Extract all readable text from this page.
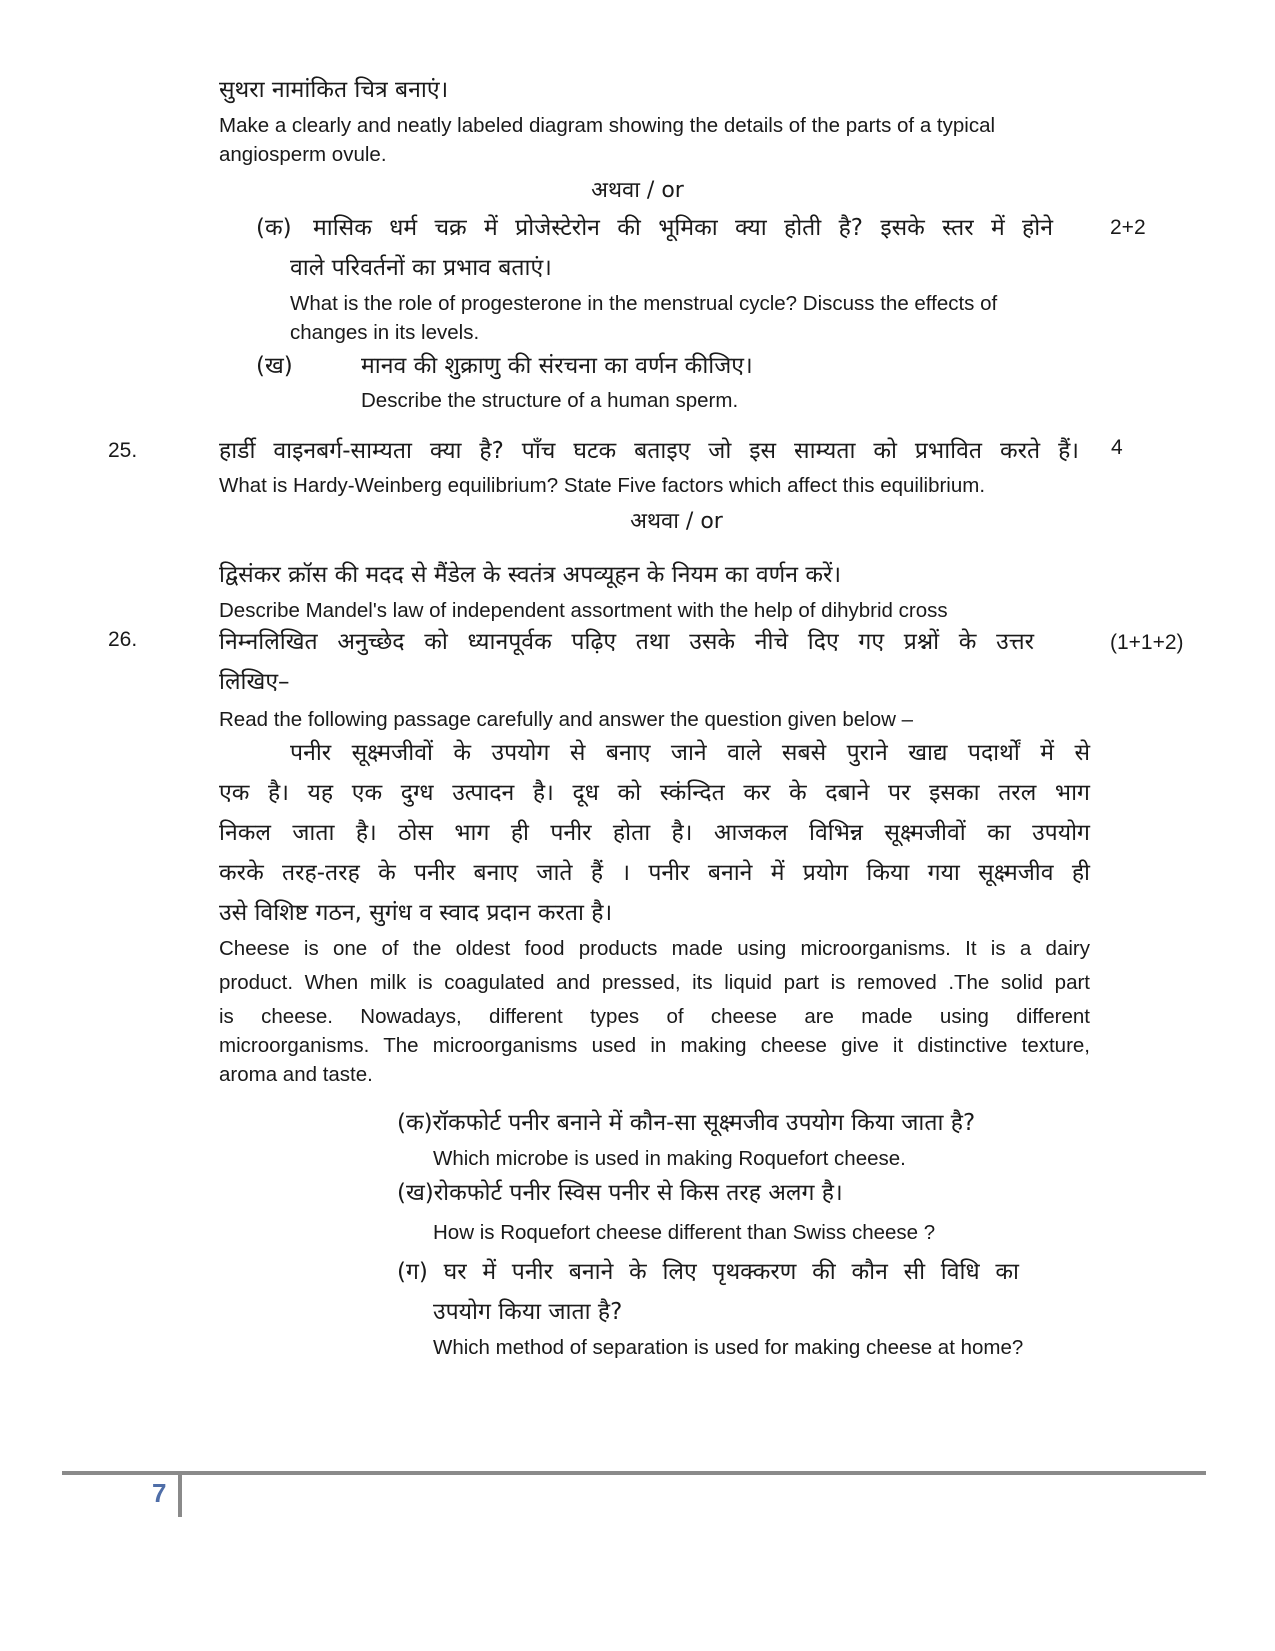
सुथरा नामांकित चित्र बनाएं।
Make a clearly and neatly labeled diagram showing the details of the parts of a typical
angiosperm ovule.
अथवा / or
(क) मासिक धर्म चक्र में प्रोजेस्टेरोन की भूमिका क्या होती है? इसके स्तर में होने	2+2
वाले परिवर्तनों का प्रभाव बताएं।
What is the role of progesterone in the menstrual cycle? Discuss the effects of
changes in its levels.
(ख)	मानव की शुक्राणु की संरचना का वर्णन कीजिए।
Describe the structure of a human sperm.
25.	हार्डी वाइनबर्ग-साम्यता क्या है? पाँच घटक बताइए जो इस साम्यता को प्रभावित करते हैं। 4
What is Hardy-Weinberg equilibrium? State Five factors which affect this equilibrium.
अथवा / or
द्विसंकर क्रॉस की मदद से मैंडेल के स्वतंत्र अपव्यूहन के नियम का वर्णन करें।
Describe Mandel's law of independent assortment with the help of dihybrid cross
26.	निम्नलिखित अनुच्छेद को ध्यानपूर्वक पढ़िए तथा उसके नीचे दिए गए प्रश्नों के उत्तर	(1+1+2)
लिखिए–
Read the following passage carefully and answer the question given below –
पनीर सूक्ष्मजीवों के उपयोग से बनाए जाने वाले सबसे पुराने खाद्य पदार्थों में से
एक है। यह एक दुग्ध उत्पादन है। दूध को स्कंन्दित कर के दबाने पर इसका तरल भाग
निकल जाता है। ठोस भाग ही पनीर होता है। आजकल विभिन्न सूक्ष्मजीवों का उपयोग
करके तरह-तरह के पनीर बनाए जाते हैं । पनीर बनाने में प्रयोग किया गया सूक्ष्मजीव ही
उसे विशिष्ट गठन, सुगंध व स्वाद प्रदान करता है।
Cheese is one of the oldest food products made using microorganisms. It is a dairy
product. When milk is coagulated and pressed, its liquid part is removed .The solid part
is cheese. Nowadays, different types of cheese are made using different
microorganisms. The microorganisms used in making cheese give it distinctive texture,
aroma and taste.
(क)रॉकफोर्ट पनीर बनाने में कौन-सा सूक्ष्मजीव उपयोग किया जाता है?
Which microbe is used in making Roquefort cheese.
(ख)रोकफोर्ट पनीर स्विस पनीर से किस तरह अलग है।
How is Roquefort cheese different than Swiss cheese ?
(ग) घर में पनीर बनाने के लिए पृथक्करण की कौन सी विधि का
उपयोग किया जाता है?
Which method of separation is used for making cheese at home?
7
